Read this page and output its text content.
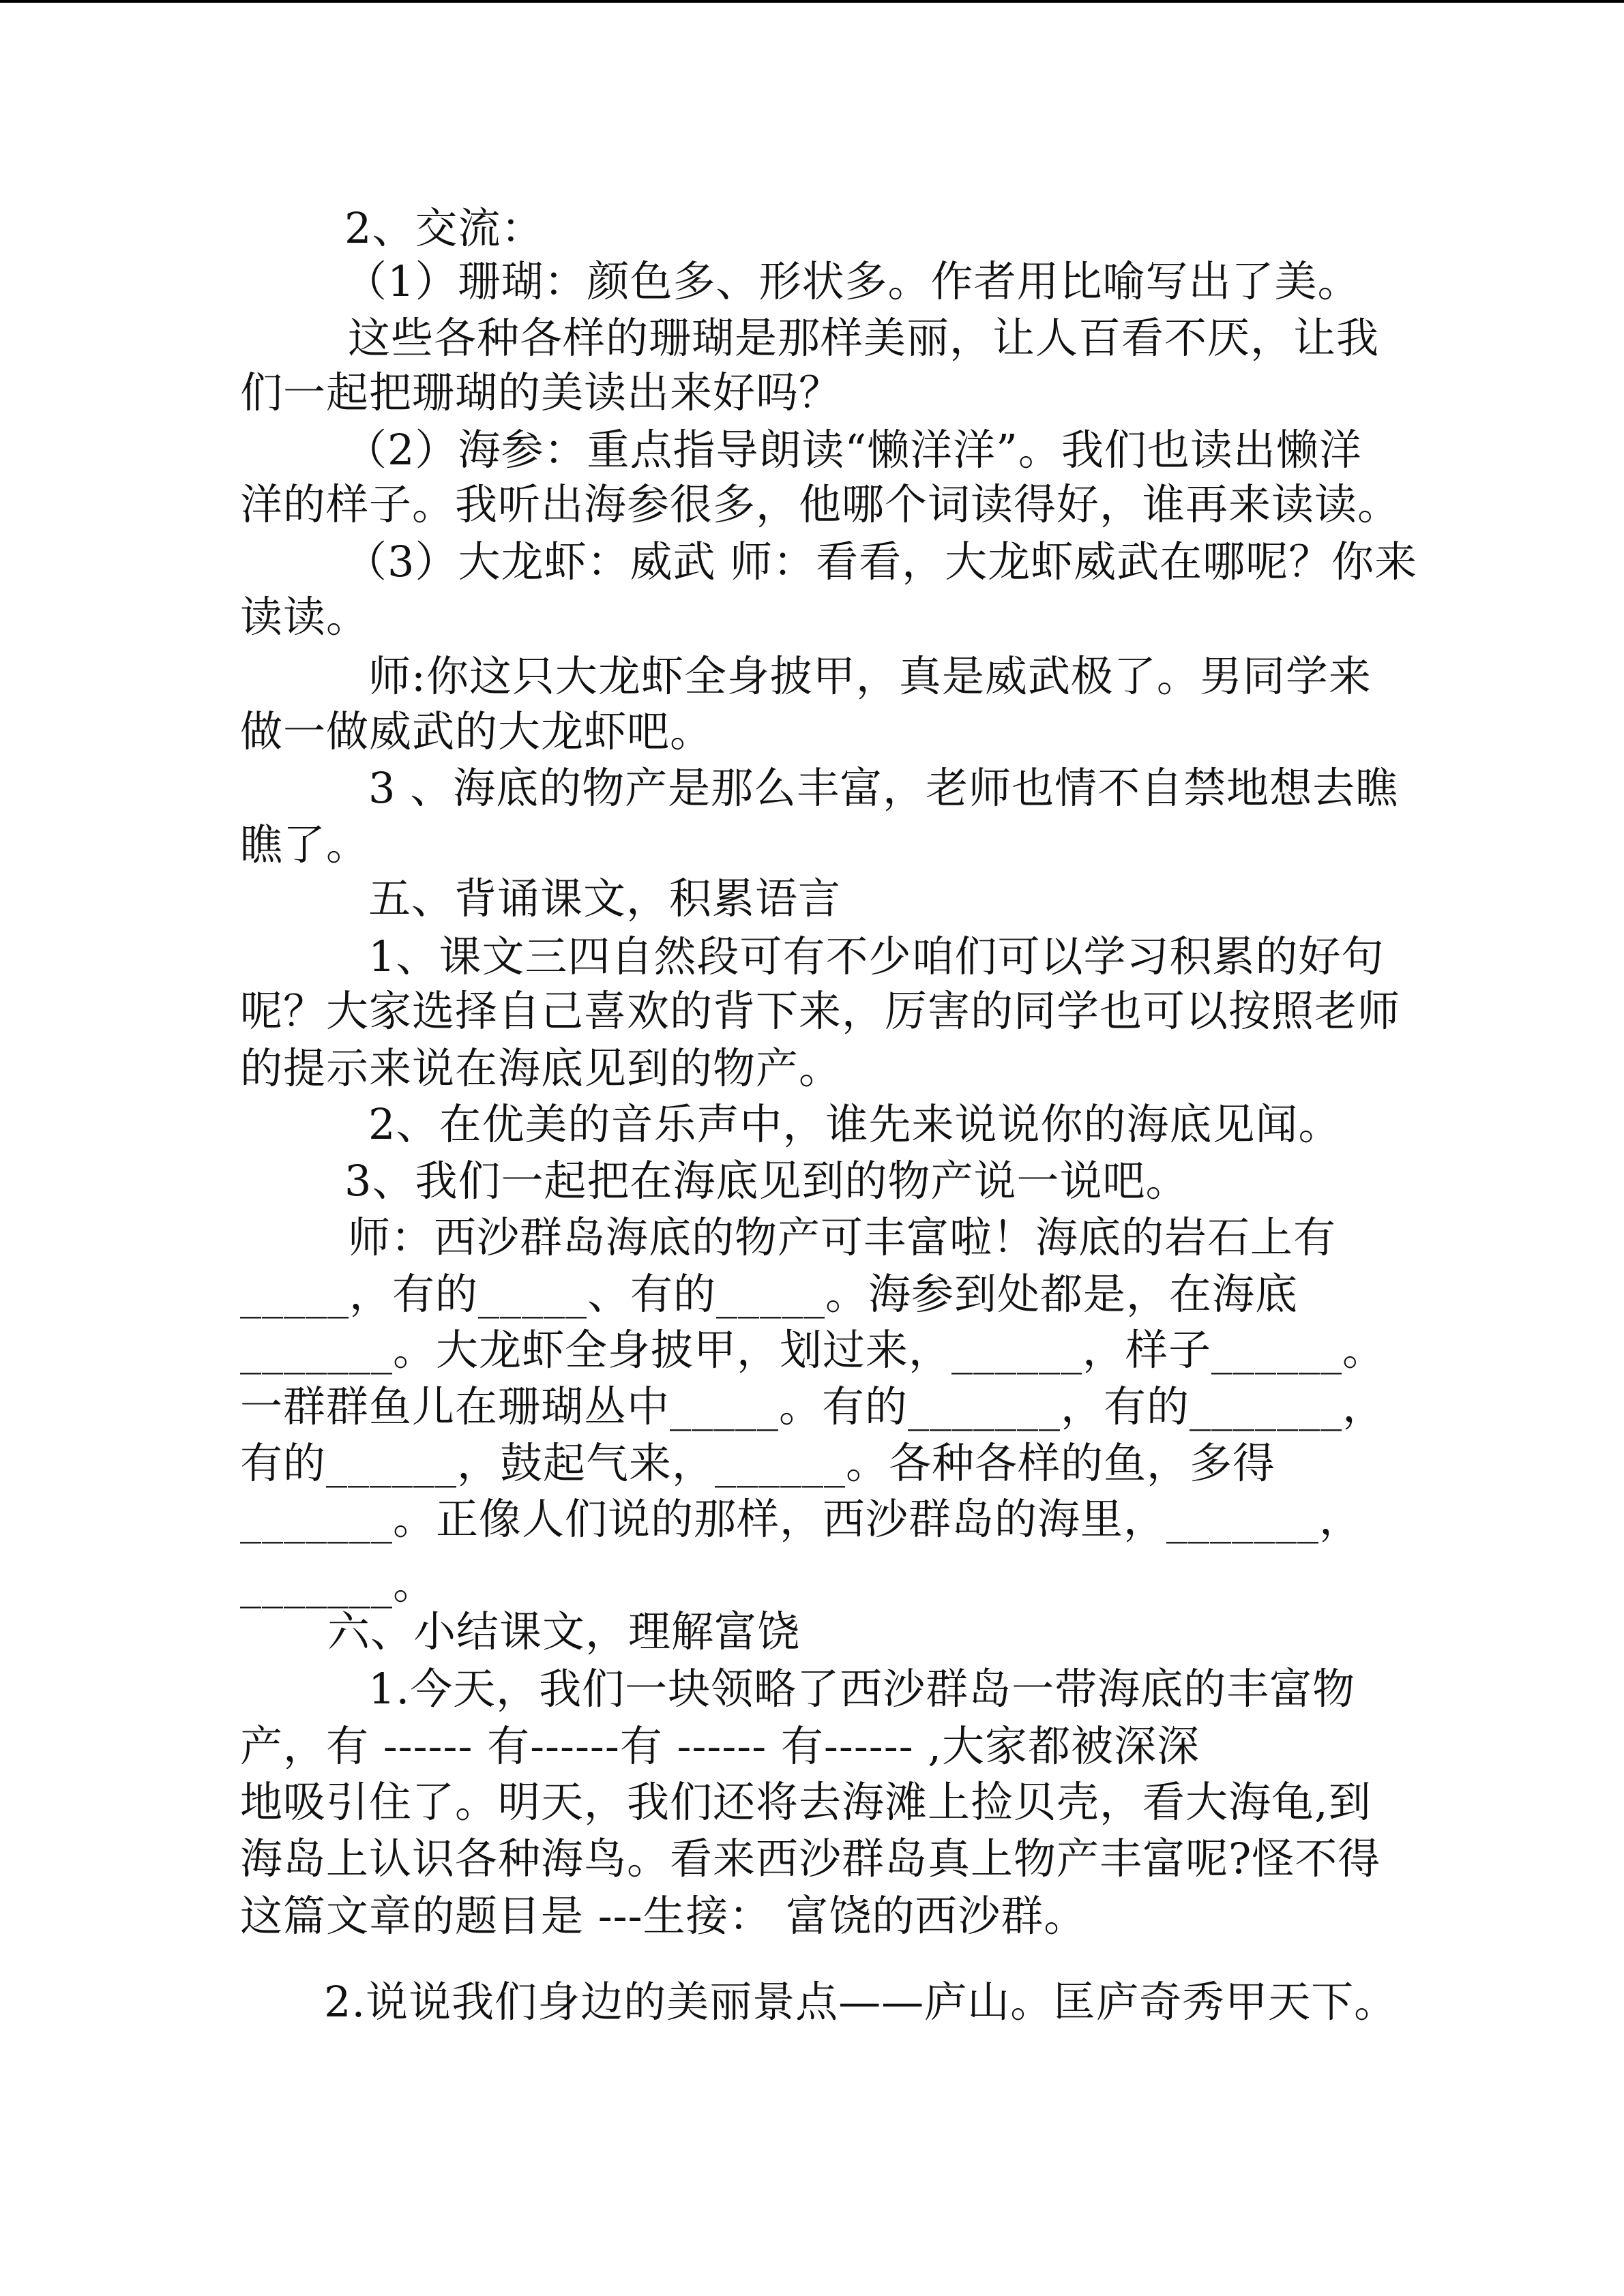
2、交流：
（1）珊瑚：颜色多、形状多。作者用比喻写出了美。
这些各种各样的珊瑚是那样美丽，让人百看不厌，让我
们一起把珊瑚的美读出来好吗？
（2）海参：重点指导朗读“懒洋洋”。我们也读出懒洋
洋的样子。我听出海参很多，他哪个词读得好，谁再来读读。
（3）大龙虾：威武 师：看看，大龙虾威武在哪呢？你来
读读。
师:你这只大龙虾全身披甲，真是威武极了。男同学来
做一做威武的大龙虾吧。
3 、海底的物产是那么丰富，老师也情不自禁地想去瞧
瞧了。
五、背诵课文，积累语言
1、课文三四自然段可有不少咱们可以学习积累的好句
呢？大家选择自己喜欢的背下来，厉害的同学也可以按照老师
的提示来说在海底见到的物产。
2、在优美的音乐声中，谁先来说说你的海底见闻。
3、我们一起把在海底见到的物产说一说吧。
师：西沙群岛海底的物产可丰富啦！海底的岩石上有
_____，有的_____、有的_____。海参到处都是，在海底
_______。大龙虾全身披甲，划过来，______，样子______。
一群群鱼儿在珊瑚丛中_____。有的_______，有的_______，
有的______，鼓起气来，______。各种各样的鱼，多得
_______。正像人们说的那样，西沙群岛的海里，_______，
_______。
六、小结课文，理解富饶
1.今天，我们一块领略了西沙群岛一带海底的丰富物
产，有 ------ 有------有 ------ 有------ ,大家都被深深
地吸引住了。明天，我们还将去海滩上捡贝壳，看大海龟,到
海岛上认识各种海鸟。看来西沙群岛真上物产丰富呢?怪不得
这篇文章的题目是 ---生接： 富饶的西沙群。
2.说说我们身边的美丽景点——庐山。匡庐奇秀甲天下。
